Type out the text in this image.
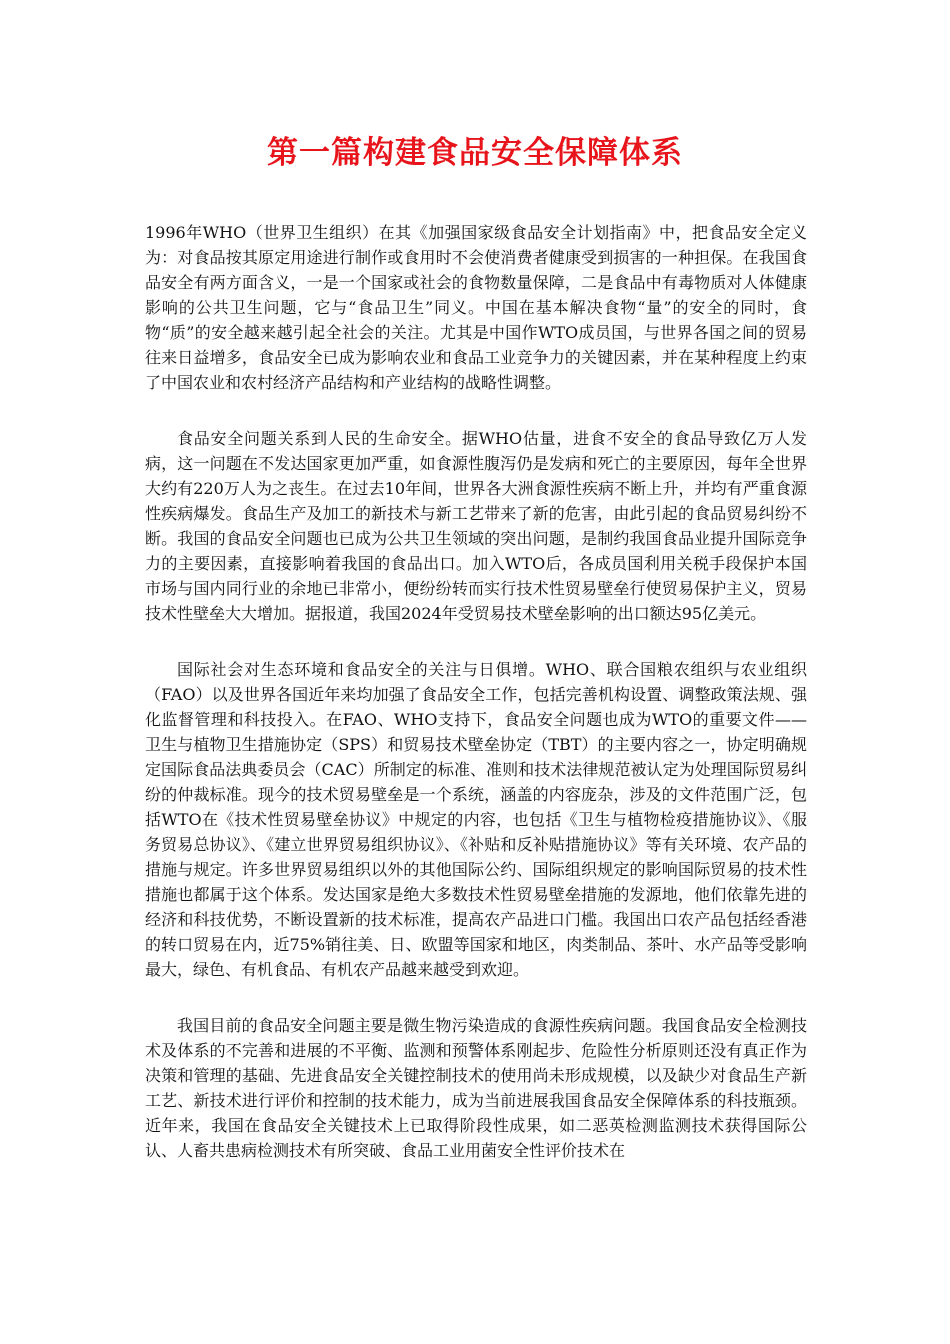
第一篇构建食品安全保障体系

1996年WHO（世界卫生组织）在其《加强国家级食品安全计划指南》中，把食品安全定义为：对食品按其原定用途进行制作或食用时不会使消费者健康受到损害的一种担保。在我国食品安全有两方面含义，一是一个国家或社会的食物数量保障，二是食品中有毒物质对人体健康影响的公共卫生问题，它与“食品卫生”同义。中国在基本解决食物“量”的安全的同时，食物“质”的安全越来越引起全社会的关注。尤其是中国作WTO成员国，与世界各国之间的贸易往来日益增多，食品安全已成为影响农业和食品工业竞争力的关键因素，并在某种程度上约束了中国农业和农村经济产品结构和产业结构的战略性调整。

食品安全问题关系到人民的生命安全。据WHO估量，进食不安全的食品导致亿万人发病，这一问题在不发达国家更加严重，如食源性腹泻仍是发病和死亡的主要原因，每年全世界大约有220万人为之丧生。在过去10年间，世界各大洲食源性疾病不断上升，并均有严重食源性疾病爆发。食品生产及加工的新技术与新工艺带来了新的危害，由此引起的食品贸易纠纷不断。我国的食品安全问题也已成为公共卫生领域的突出问题，是制约我国食品业提升国际竞争力的主要因素，直接影响着我国的食品出口。加入WTO后，各成员国利用关税手段保护本国市场与国内同行业的余地已非常小，便纷纷转而实行技术性贸易壁垒行使贸易保护主义，贸易技术性壁垒大大增加。据报道，我国2024年受贸易技术壁垒影响的出口额达95亿美元。

国际社会对生态环境和食品安全的关注与日俱增。WHO、联合国粮农组织与农业组织（FAO）以及世界各国近年来均加强了食品安全工作，包括完善机构设置、调整政策法规、强化监督管理和科技投入。在FAO、WHO支持下，食品安全问题也成为WTO的重要文件——卫生与植物卫生措施协定（SPS）和贸易技术壁垒协定（TBT）的主要内容之一，协定明确规定国际食品法典委员会（CAC）所制定的标准、准则和技术法律规范被认定为处理国际贸易纠纷的仲裁标准。现今的技术贸易壁垒是一个系统，涵盖的内容庞杂，涉及的文件范围广泛，包括WTO在《技术性贸易壁垒协议》中规定的内容，也包括《卫生与植物检疫措施协议》、《服务贸易总协议》、《建立世界贸易组织协议》、《补贴和反补贴措施协议》等有关环境、农产品的措施与规定。许多世界贸易组织以外的其他国际公约、国际组织规定的影响国际贸易的技术性措施也都属于这个体系。发达国家是绝大多数技术性贸易壁垒措施的发源地，他们依靠先进的经济和科技优势，不断设置新的技术标准，提高农产品进口门槛。我国出口农产品包括经香港的转口贸易在内，近75%销往美、日、欧盟等国家和地区，肉类制品、茶叶、水产品等受影响最大，绿色、有机食品、有机农产品越来越受到欢迎。

我国目前的食品安全问题主要是微生物污染造成的食源性疾病问题。我国食品安全检测技术及体系的不完善和进展的不平衡、监测和预警体系刚起步、危险性分析原则还没有真正作为决策和管理的基础、先进食品安全关键控制技术的使用尚未形成规模，以及缺少对食品生产新工艺、新技术进行评价和控制的技术能力，成为当前进展我国食品安全保障体系的科技瓶颈。近年来，我国在食品安全关键技术上已取得阶段性成果，如二恶英检测监测技术获得国际公认、人畜共患病检测技术有所突破、食品工业用菌安全性评价技术在
